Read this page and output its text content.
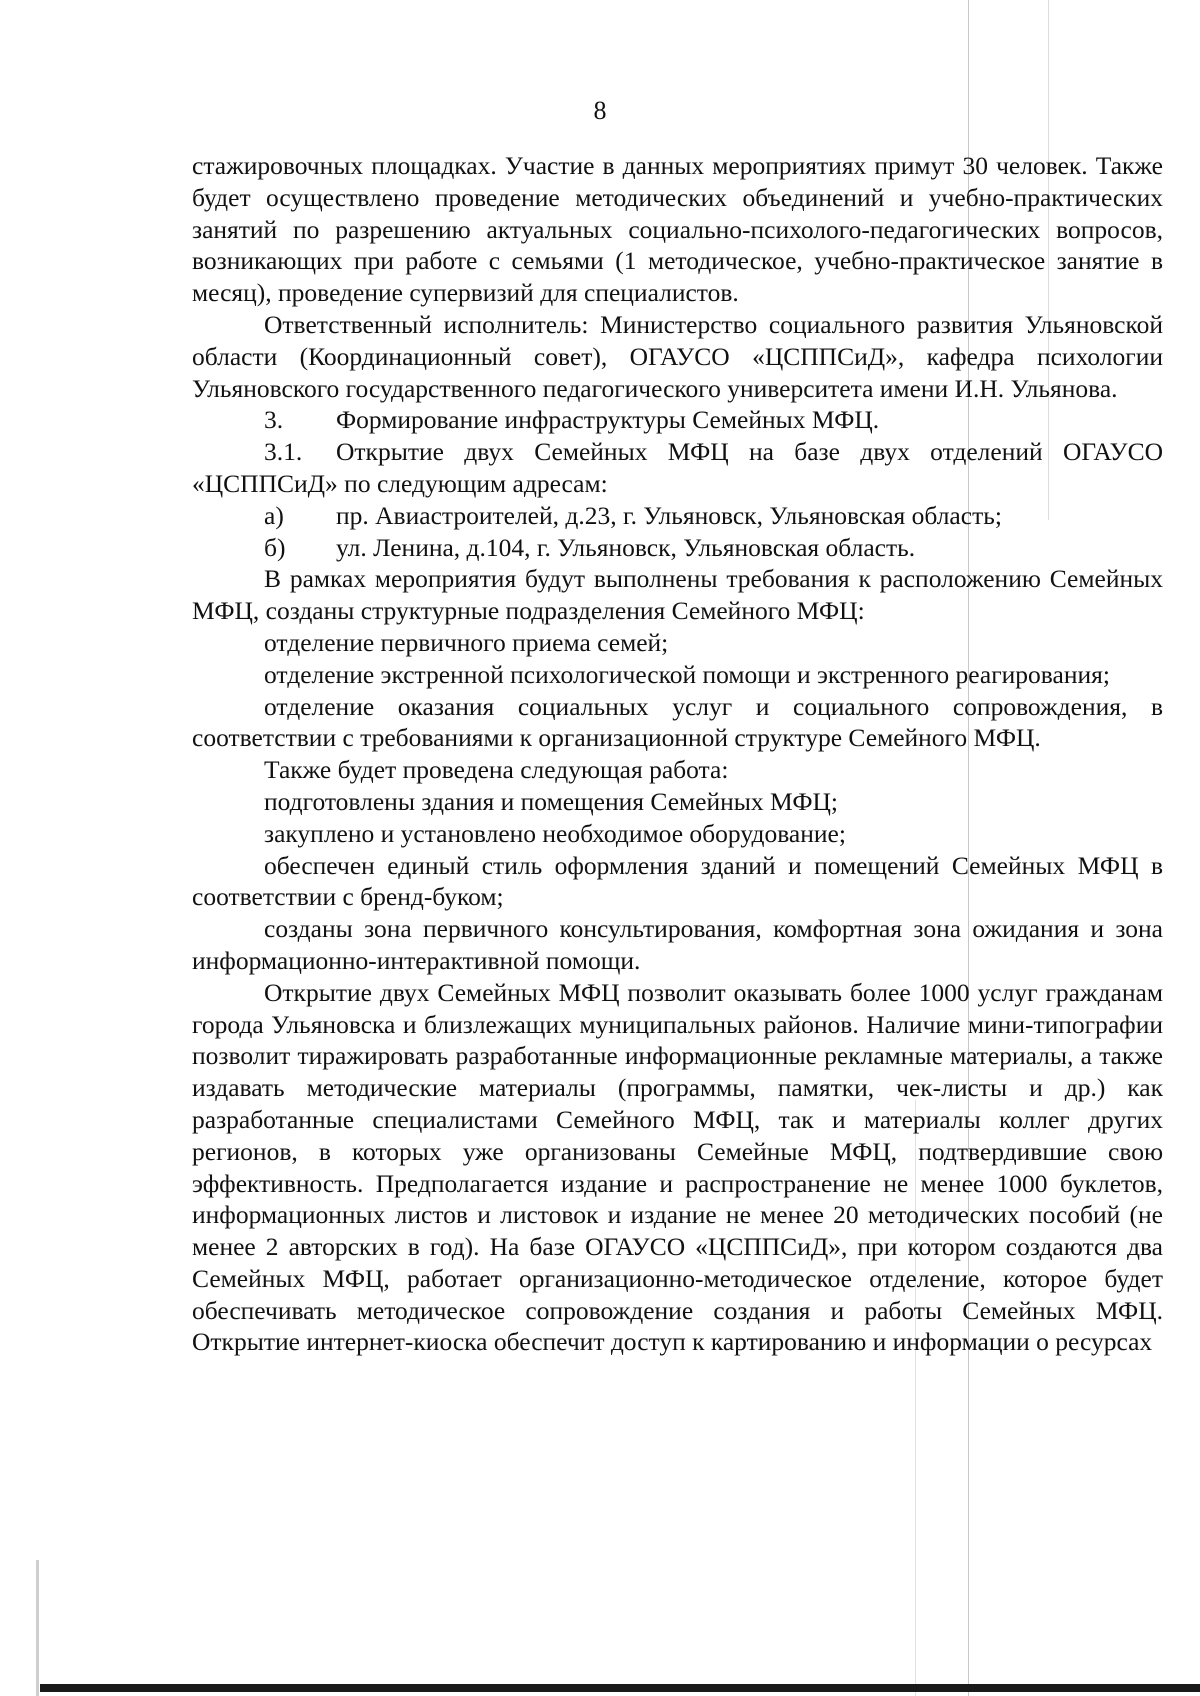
8

стажировочных площадках. Участие в данных мероприятиях примут 30 человек. Также будет осуществлено проведение методических объединений и учебно-практических занятий по разрешению актуальных социально-психолого-педагогических вопросов, возникающих при работе с семьями (1 методическое, учебно-практическое занятие в месяц), проведение супервизий для специалистов.

Ответственный исполнитель: Министерство социального развития Ульяновской области (Координационный совет), ОГАУСО «ЦСППСиД», кафедра психологии Ульяновского государственного педагогического университета имени И.Н. Ульянова.

3. Формирование инфраструктуры Семейных МФЦ.

3.1. Открытие двух Семейных МФЦ на базе двух отделений ОГАУСО «ЦСППСиД» по следующим адресам:

а) пр. Авиастроителей, д.23, г. Ульяновск, Ульяновская область;

б) ул. Ленина, д.104, г. Ульяновск, Ульяновская область.

В рамках мероприятия будут выполнены требования к расположению Семейных МФЦ, созданы структурные подразделения Семейного МФЦ:

отделение первичного приема семей;

отделение экстренной психологической помощи и экстренного реагирования;

отделение оказания социальных услуг и социального сопровождения, в соответствии с требованиями к организационной структуре Семейного МФЦ.

Также будет проведена следующая работа:

подготовлены здания и помещения Семейных МФЦ;

закуплено и установлено необходимое оборудование;

обеспечен единый стиль оформления зданий и помещений Семейных МФЦ в соответствии с бренд-буком;

созданы зона первичного консультирования, комфортная зона ожидания и зона информационно-интерактивной помощи.

Открытие двух Семейных МФЦ позволит оказывать более 1000 услуг гражданам города Ульяновска и близлежащих муниципальных районов. Наличие мини-типографии позволит тиражировать разработанные информационные рекламные материалы, а также издавать методические материалы (программы, памятки, чек-листы и др.) как разработанные специалистами Семейного МФЦ, так и материалы коллег других регионов, в которых уже организованы Семейные МФЦ, подтвердившие свою эффективность. Предполагается издание и распространение не менее 1000 буклетов, информационных листов и листовок и издание не менее 20 методических пособий (не менее 2 авторских в год). На базе ОГАУСО «ЦСППСиД», при котором создаются два Семейных МФЦ, работает организационно-методическое отделение, которое будет обеспечивать методическое сопровождение создания и работы Семейных МФЦ. Открытие интернет-киоска обеспечит доступ к картированию и информации о ресурсах
